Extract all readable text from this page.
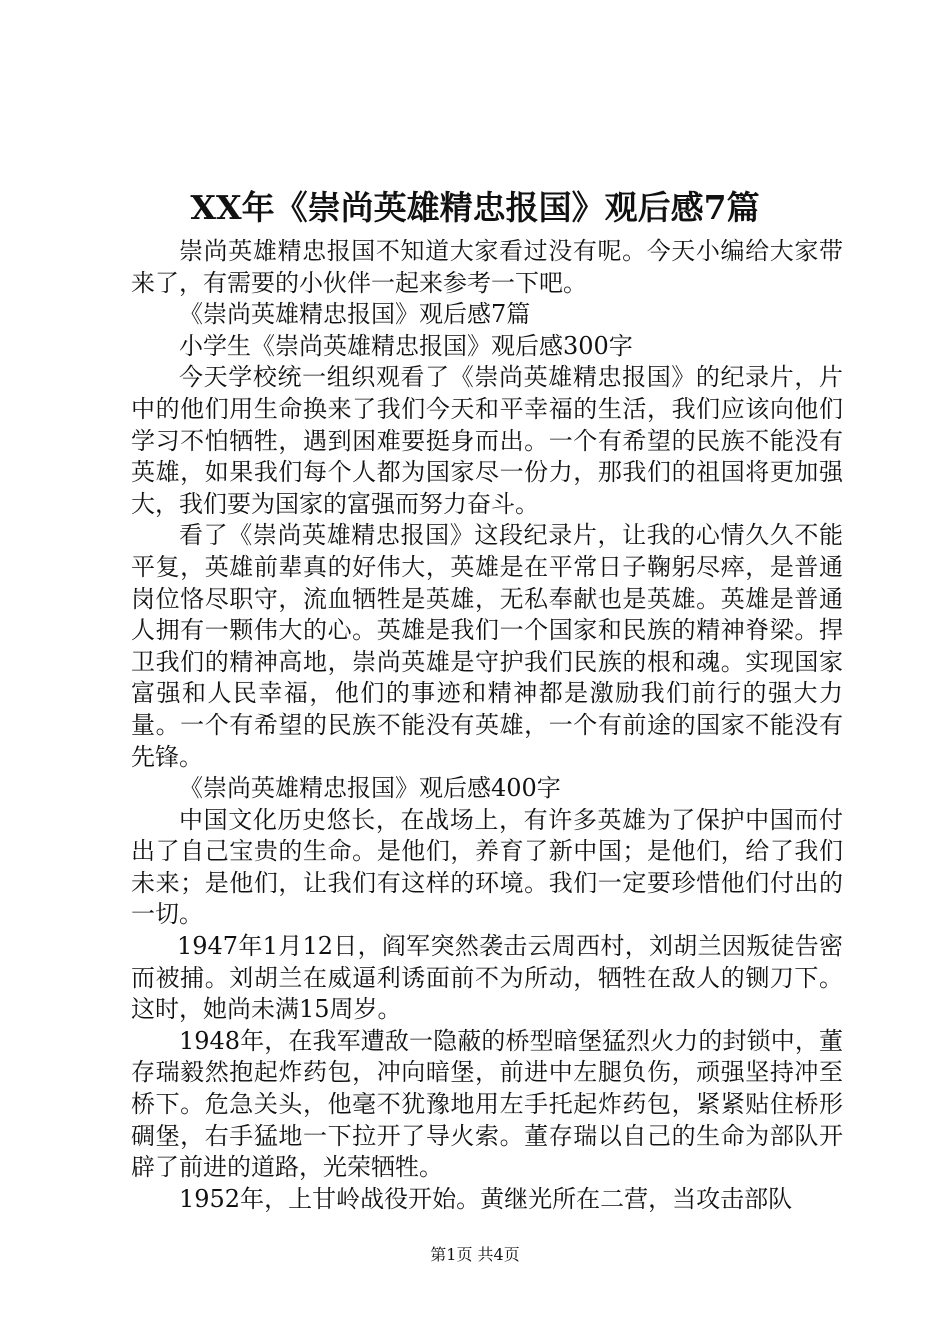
XX年《崇尚英雄精忠报国》观后感7篇

崇尚英雄精忠报国不知道大家看过没有呢。今天小编给大家带来了，有需要的小伙伴一起来参考一下吧。

《崇尚英雄精忠报国》观后感7篇

小学生《崇尚英雄精忠报国》观后感300字

今天学校统一组织观看了《崇尚英雄精忠报国》的纪录片，片中的他们用生命换来了我们今天和平幸福的生活，我们应该向他们学习不怕牺牲，遇到困难要挺身而出。一个有希望的民族不能没有英雄，如果我们每个人都为国家尽一份力，那我们的祖国将更加强大，我们要为国家的富强而努力奋斗。

看了《崇尚英雄精忠报国》这段纪录片，让我的心情久久不能平复，英雄前辈真的好伟大，英雄是在平常日子鞠躬尽瘁，是普通岗位恪尽职守，流血牺牲是英雄，无私奉献也是英雄。英雄是普通人拥有一颗伟大的心。英雄是我们一个国家和民族的精神脊梁。捍卫我们的精神高地，崇尚英雄是守护我们民族的根和魂。实现国家富强和人民幸福，他们的事迹和精神都是激励我们前行的强大力量。一个有希望的民族不能没有英雄，一个有前途的国家不能没有先锋。

《崇尚英雄精忠报国》观后感400字

中国文化历史悠长，在战场上，有许多英雄为了保护中国而付出了自己宝贵的生命。是他们，养育了新中国；是他们，给了我们未来；是他们，让我们有这样的环境。我们一定要珍惜他们付出的一切。

1947年1月12日，阎军突然袭击云周西村，刘胡兰因叛徒告密而被捕。刘胡兰在威逼利诱面前不为所动，牺牲在敌人的铡刀下。这时，她尚未满15周岁。

1948年，在我军遭敌一隐蔽的桥型暗堡猛烈火力的封锁中，董存瑞毅然抱起炸药包，冲向暗堡，前进中左腿负伤，顽强坚持冲至桥下。危急关头，他毫不犹豫地用左手托起炸药包，紧紧贴住桥形碉堡，右手猛地一下拉开了导火索。董存瑞以自己的生命为部队开辟了前进的道路，光荣牺牲。

1952年，上甘岭战役开始。黄继光所在二营，当攻击部队

第1页 共4页
